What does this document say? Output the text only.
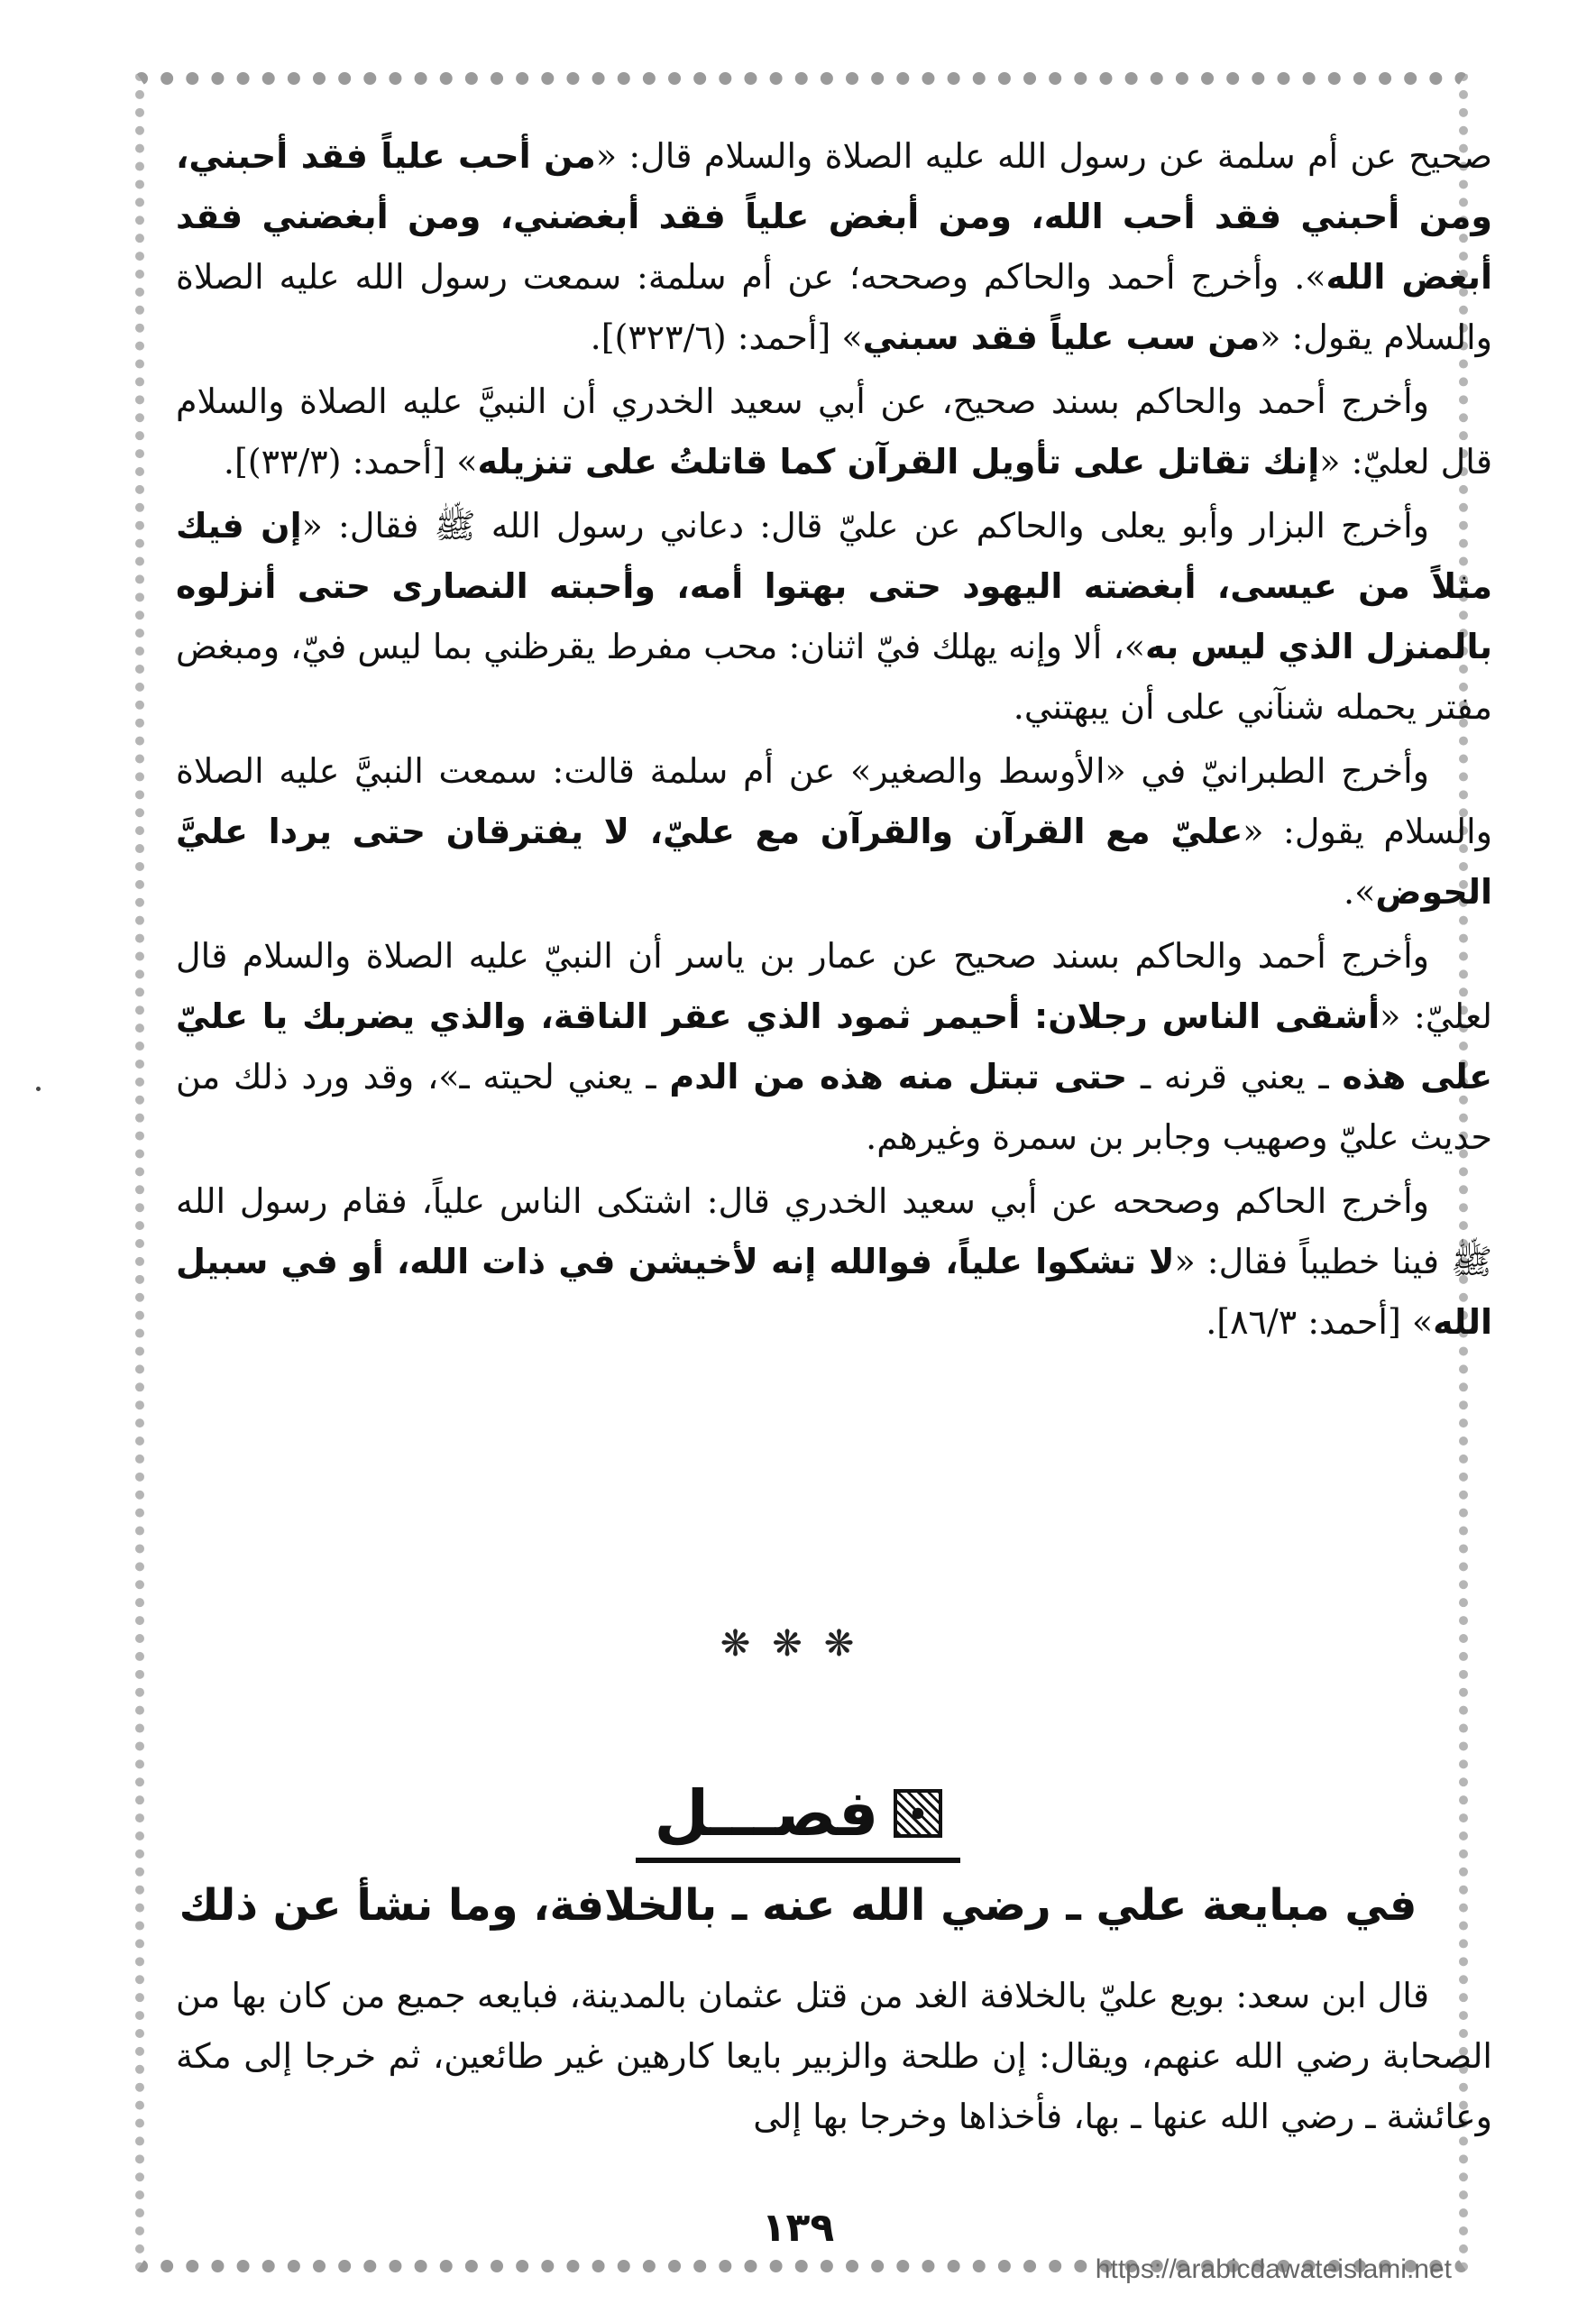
صحيح عن أم سلمة عن رسول الله عليه الصلاة والسلام قال: «من أحب علياً فقد أحبني، ومن أحبني فقد أحب الله، ومن أبغض علياً فقد أبغضني، ومن أبغضني فقد أبغض الله». وأخرج أحمد والحاكم وصححه؛ عن أم سلمة: سمعت رسول الله عليه الصلاة والسلام يقول: «من سب علياً فقد سبني» [أحمد: (٣٢٣/٦)].

وأخرج أحمد والحاكم بسند صحيح، عن أبي سعيد الخدري أن النبيَّ عليه الصلاة والسلام قال لعليّ: «إنك تقاتل على تأويل القرآن كما قاتلتُ على تنزيله» [أحمد: (٣٣/٣)].

وأخرج البزار وأبو يعلى والحاكم عن عليّ قال: دعاني رسول الله ﷺ فقال: «إن فيك مثلاً من عيسى، أبغضته اليهود حتى بهتوا أمه، وأحبته النصارى حتى أنزلوه بالمنزل الذي ليس به»، ألا وإنه يهلك فيّ اثنان: محب مفرط يقرظني بما ليس فيّ، ومبغض مفتر يحمله شنآني على أن يبهتني.

وأخرج الطبرانيّ في «الأوسط والصغير» عن أم سلمة قالت: سمعت النبيَّ عليه الصلاة والسلام يقول: «عليّ مع القرآن والقرآن مع عليّ، لا يفترقان حتى يردا عليَّ الحوض».

وأخرج أحمد والحاكم بسند صحيح عن عمار بن ياسر أن النبيّ عليه الصلاة والسلام قال لعليّ: «أشقى الناس رجلان: أحيمر ثمود الذي عقر الناقة، والذي يضربك يا عليّ على هذه ـ يعني قرنه ـ حتى تبتل منه هذه من الدم ـ يعني لحيته ـ»، وقد ورد ذلك من حديث عليّ وصهيب وجابر بن سمرة وغيرهم.

وأخرج الحاكم وصححه عن أبي سعيد الخدري قال: اشتكى الناس علياً، فقام رسول الله ﷺ فينا خطيباً فقال: «لا تشكوا علياً، فوالله إنه لأخيشن في ذات الله، أو في سبيل الله» [أحمد: ٨٦/٣].

❋❋❋
فصـــل
في مبايعة علي ـ رضي الله عنه ـ بالخلافة، وما نشأ عن ذلك

قال ابن سعد: بويع عليّ بالخلافة الغد من قتل عثمان بالمدينة، فبايعه جميع من كان بها من الصحابة رضي الله عنهم، ويقال: إن طلحة والزبير بايعا كارهين غير طائعين، ثم خرجا إلى مكة وعائشة ـ رضي الله عنها ـ بها، فأخذاها وخرجا بها إلى

١٣٩
https://arabicdawateislami.net
